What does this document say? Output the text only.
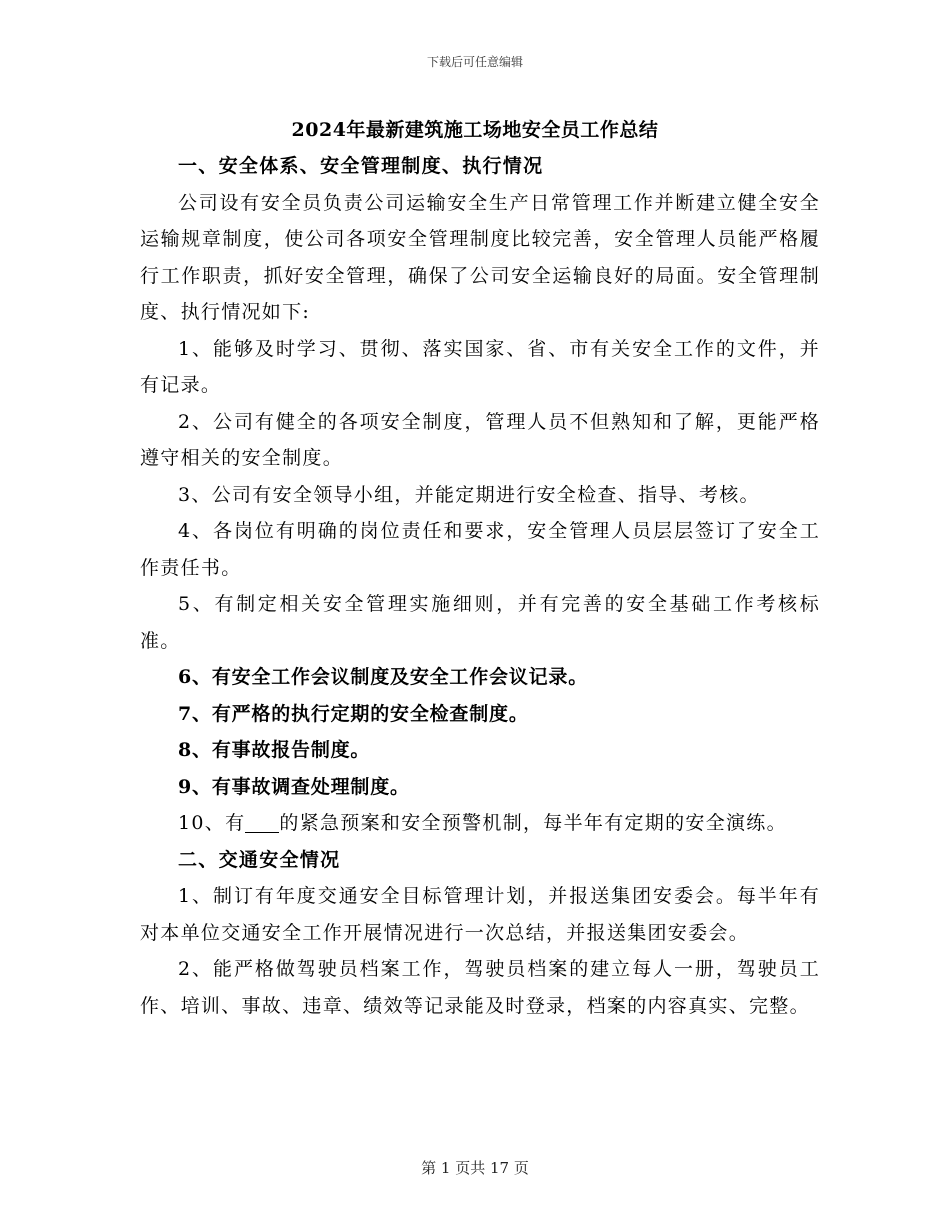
下载后可任意编辑
2024年最新建筑施工场地安全员工作总结

一、安全体系、安全管理制度、执行情况

公司设有安全员负责公司运输安全生产日常管理工作并断建立健全安全运输规章制度，使公司各项安全管理制度比较完善，安全管理人员能严格履行工作职责，抓好安全管理，确保了公司安全运输良好的局面。安全管理制度、执行情况如下:

1、能够及时学习、贯彻、落实国家、省、市有关安全工作的文件，并有记录。

2、公司有健全的各项安全制度，管理人员不但熟知和了解，更能严格遵守相关的安全制度。

3、公司有安全领导小组，并能定期进行安全检查、指导、考核。

4、各岗位有明确的岗位责任和要求，安全管理人员层层签订了安全工作责任书。

5、有制定相关安全管理实施细则，并有完善的安全基础工作考核标准。

6、有安全工作会议制度及安全工作会议记录。

7、有严格的执行定期的安全检查制度。

8、有事故报告制度。

9、有事故调查处理制度。

10、有 的紧急预案和安全预警机制，每半年有定期的安全演练。

二、交通安全情况

1、制订有年度交通安全目标管理计划，并报送集团安委会。每半年有对本单位交通安全工作开展情况进行一次总结，并报送集团安委会。

2、能严格做驾驶员档案工作，驾驶员档案的建立每人一册，驾驶员工作、培训、事故、违章、绩效等记录能及时登录，档案的内容真实、完整。

第 1 页共 17 页
